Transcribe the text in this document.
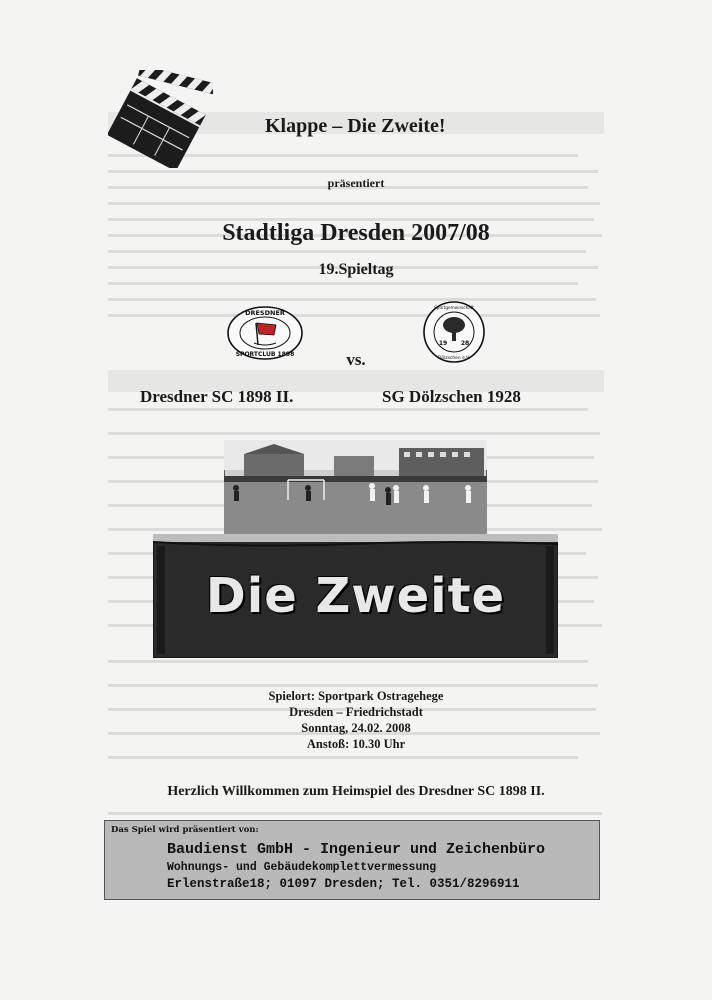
Klappe – Die Zweite!
präsentiert
Stadtliga Dresden 2007/08
19.Spieltag
DRESDNER
SPORTCLUB 1898
19 28
Sportgemeinschaft
Dölzschen e.V.
vs.
Dresdner SC 1898 II.	SG Dölzschen 1928
Die Zweite
Spielort: Sportpark Ostragehege
Dresden – Friedrichstadt
Sonntag, 24.02. 2008
Anstoß: 10.30 Uhr
Herzlich Willkommen zum Heimspiel des Dresdner SC 1898 II.
Das Spiel wird präsentiert von:
Baudienst GmbH - Ingenieur und Zeichenbüro
Wohnungs- und Gebäudekomplettvermessung
Erlenstraße18; 01097 Dresden; Tel. 0351/8296911
